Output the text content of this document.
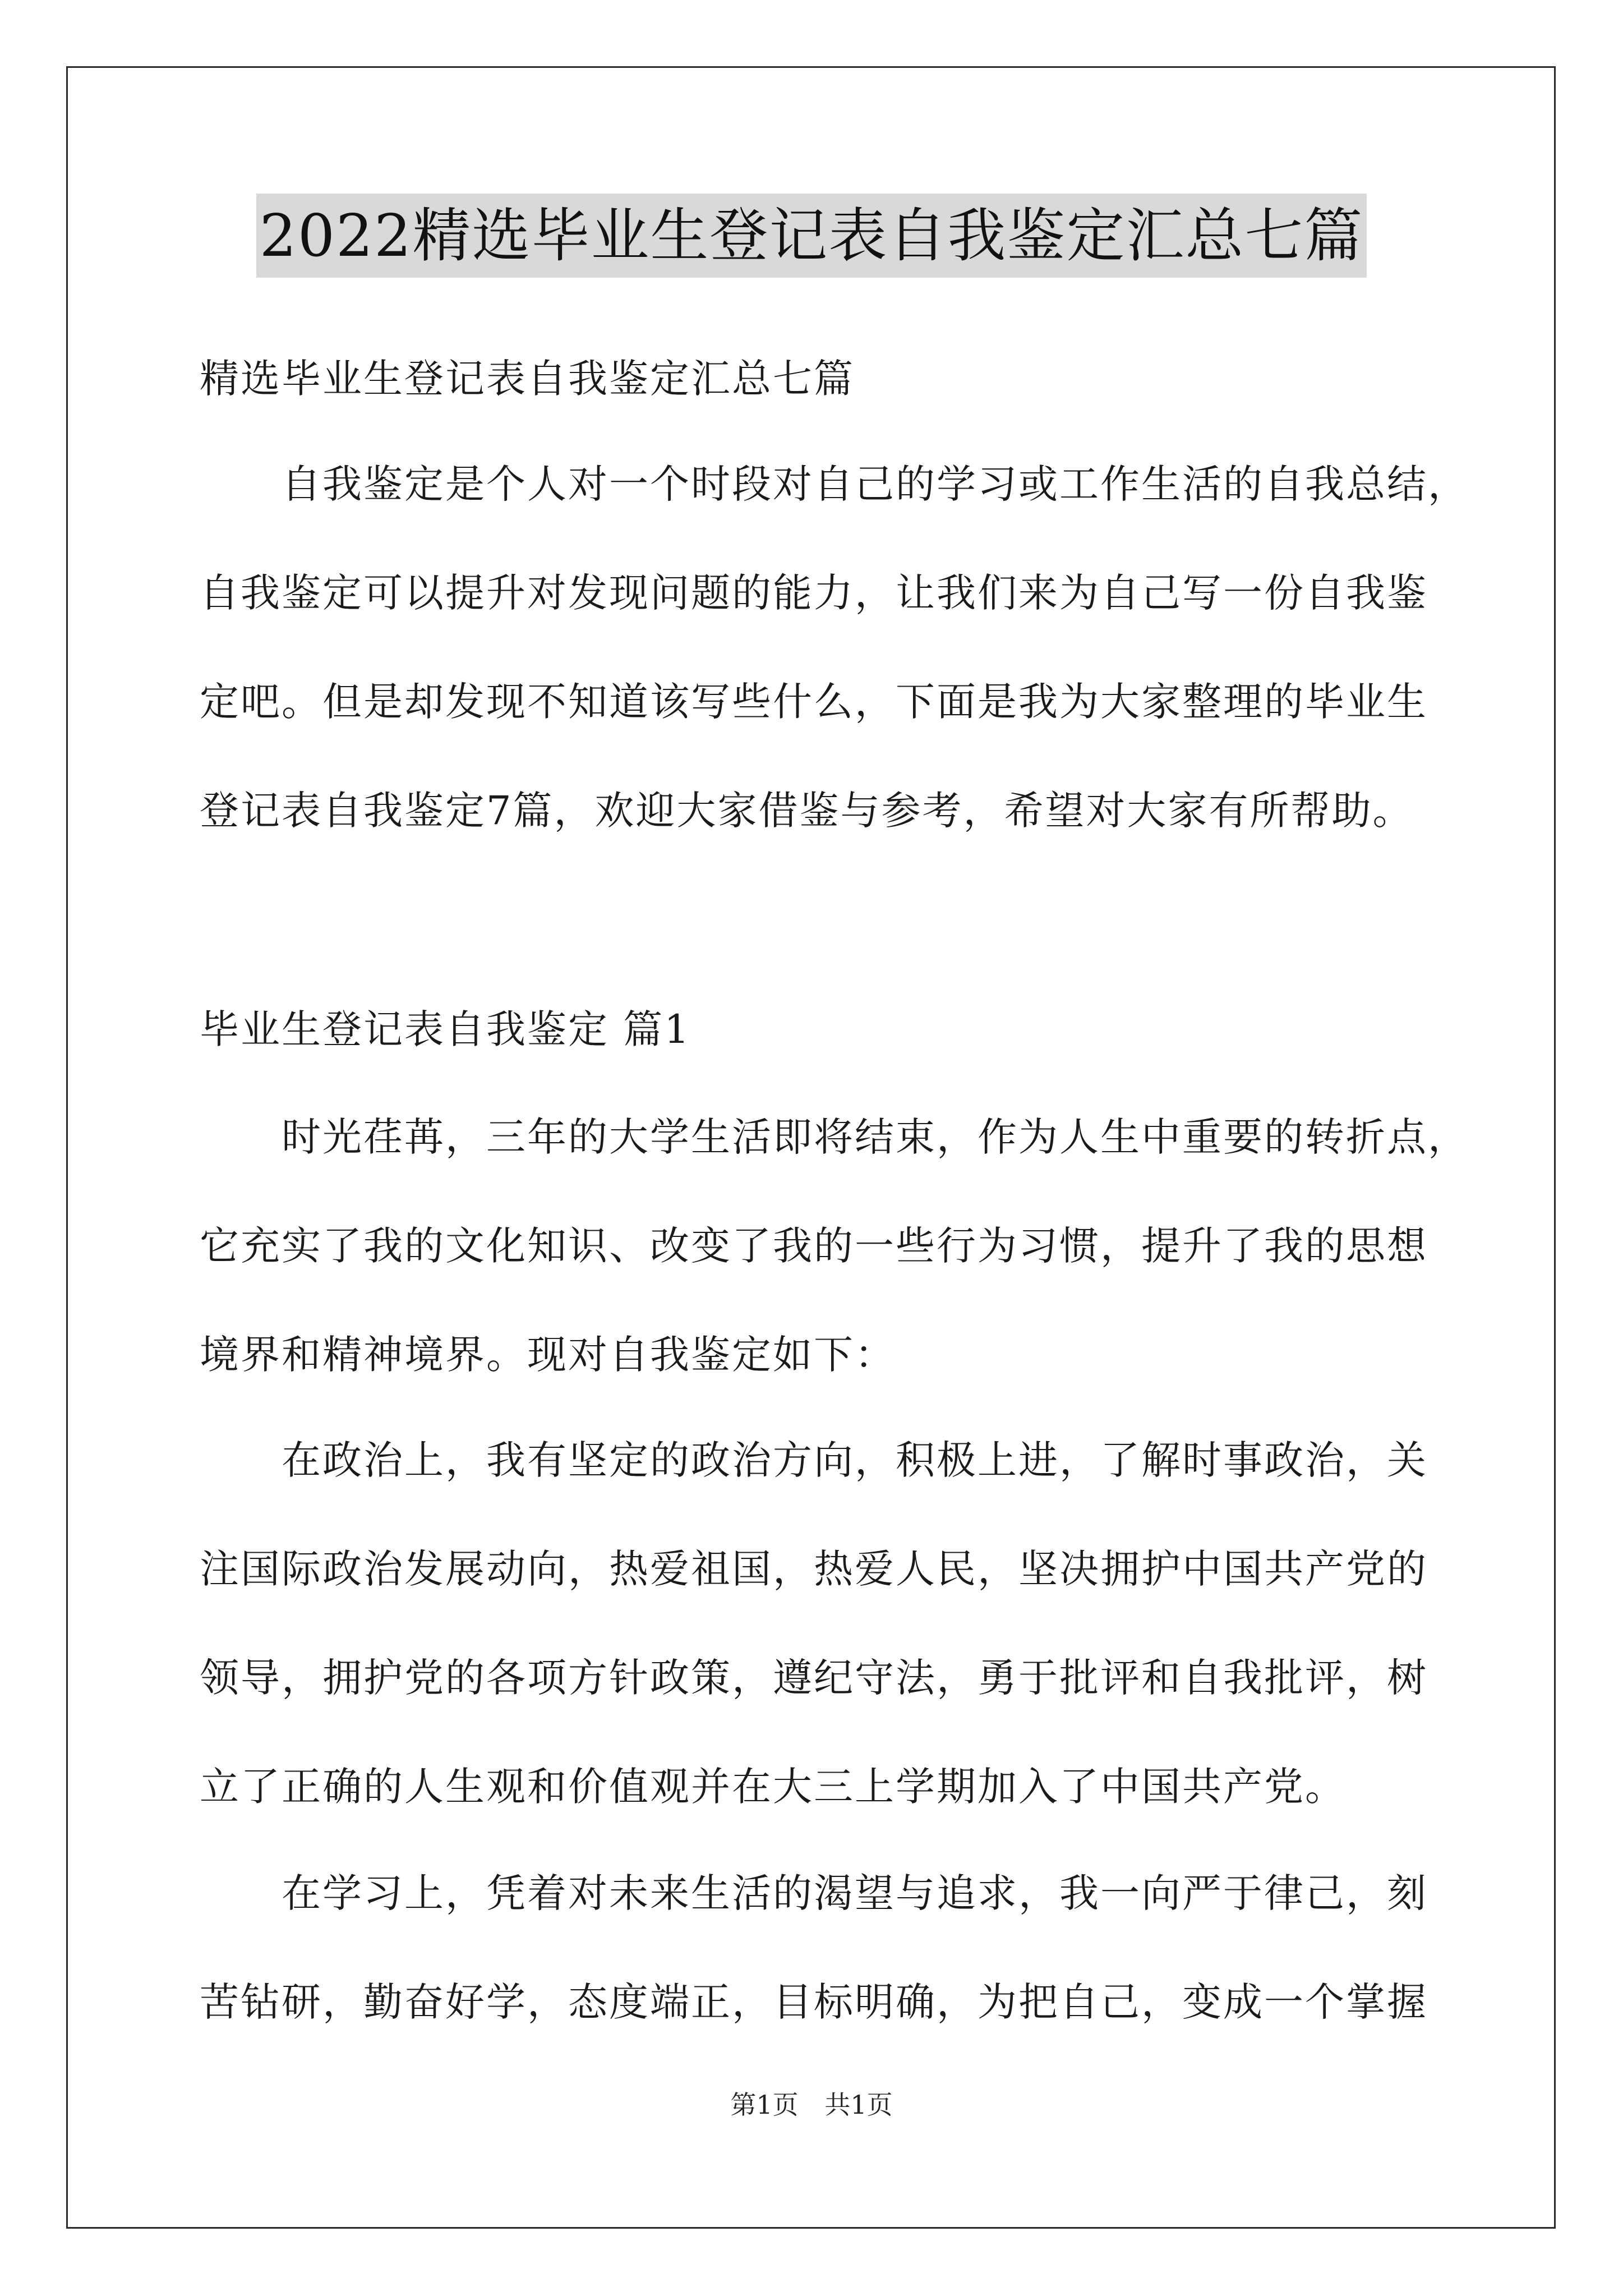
2022精选毕业生登记表自我鉴定汇总七篇
精选毕业生登记表自我鉴定汇总七篇
自我鉴定是个人对一个时段对自己的学习或工作生活的自我总结，
自我鉴定可以提升对发现问题的能力，让我们来为自己写一份自我鉴
定吧。但是却发现不知道该写些什么，下面是我为大家整理的毕业生
登记表自我鉴定7篇，欢迎大家借鉴与参考，希望对大家有所帮助。
毕业生登记表自我鉴定 篇1
时光荏苒，三年的大学生活即将结束，作为人生中重要的转折点，
它充实了我的文化知识、改变了我的一些行为习惯，提升了我的思想
境界和精神境界。现对自我鉴定如下：
在政治上，我有坚定的政治方向，积极上进，了解时事政治，关
注国际政治发展动向，热爱祖国，热爱人民，坚决拥护中国共产党的
领导，拥护党的各项方针政策，遵纪守法，勇于批评和自我批评，树
立了正确的人生观和价值观并在大三上学期加入了中国共产党。
在学习上，凭着对未来生活的渴望与追求，我一向严于律己，刻
苦钻研，勤奋好学，态度端正，目标明确，为把自己，变成一个掌握
第1页 共1页
